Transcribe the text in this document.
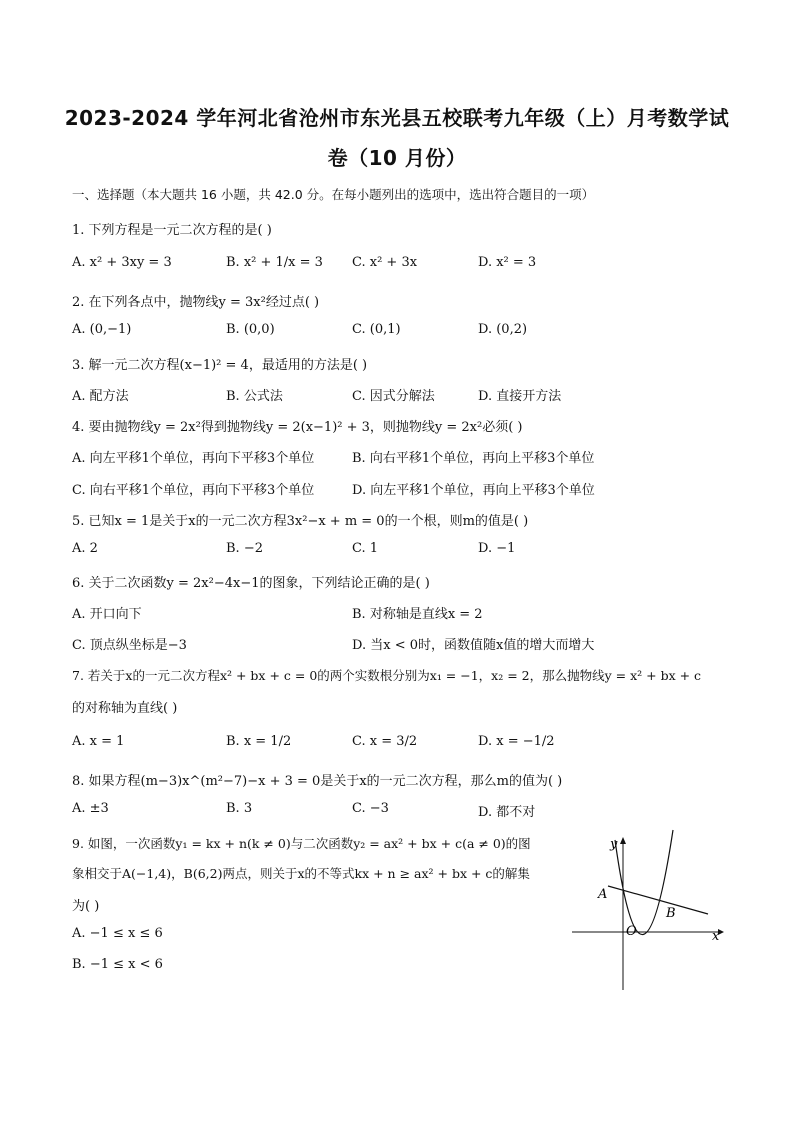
2023-2024 学年河北省沧州市东光县五校联考九年级（上）月考数学试
卷（10 月份）
一、选择题（本大题共 16 小题，共 42.0 分。在每小题列出的选项中，选出符合题目的一项）
1. 下列方程是一元二次方程的是( )
A. x² + 3xy = 3	B. x² + 1/x = 3 C. x² + 3x	D. x² = 3
2. 在下列各点中，抛物线y = 3x²经过点( )
A. (0,−1)	B. (0,0)	C. (0,1)	D. (0,2)
3. 解一元二次方程(x−1)² = 4，最适用的方法是( )
A. 配方法	B. 公式法	C. 因式分解法	D. 直接开方法
4. 要由抛物线y = 2x²得到抛物线y = 2(x−1)² + 3，则抛物线y = 2x²必须( )
A. 向左平移1个单位，再向下平移3个单位	B. 向右平移1个单位，再向上平移3个单位
C. 向右平移1个单位，再向下平移3个单位	D. 向左平移1个单位，再向上平移3个单位
5. 已知x = 1是关于x的一元二次方程3x²−x + m = 0的一个根，则m的值是( )
A. 2	B. −2	C. 1	D. −1
6. 关于二次函数y = 2x²−4x−1的图象，下列结论正确的是( )
A. 开口向下	B. 对称轴是直线x = 2
C. 顶点纵坐标是−3	D. 当x < 0时，函数值随x值的增大而增大
7. 若关于x的一元二次方程x² + bx + c = 0的两个实数根分别为x₁ = −1，x₂ = 2，那么抛物线y = x² + bx + c
的对称轴为直线( )
A. x = 1	B. x = 1/2	C. x = 3/2	D. x = −1/2
8. 如果方程(m−3)x^(m²−7)−x + 3 = 0是关于x的一元二次方程，那么m的值为( )
A. ±3	B. 3	C. −3	D. 都不对
9. 如图，一次函数y₁ = kx + n(k ≠ 0)与二次函数y₂ = ax² + bx + c(a ≠ 0)的图
象相交于A(−1,4)，B(6,2)两点，则关于x的不等式kx + n ≥ ax² + bx + c的解集
为( )
A. −1 ≤ x ≤ 6
B. −1 ≤ x < 6
y
x
O
A
B
